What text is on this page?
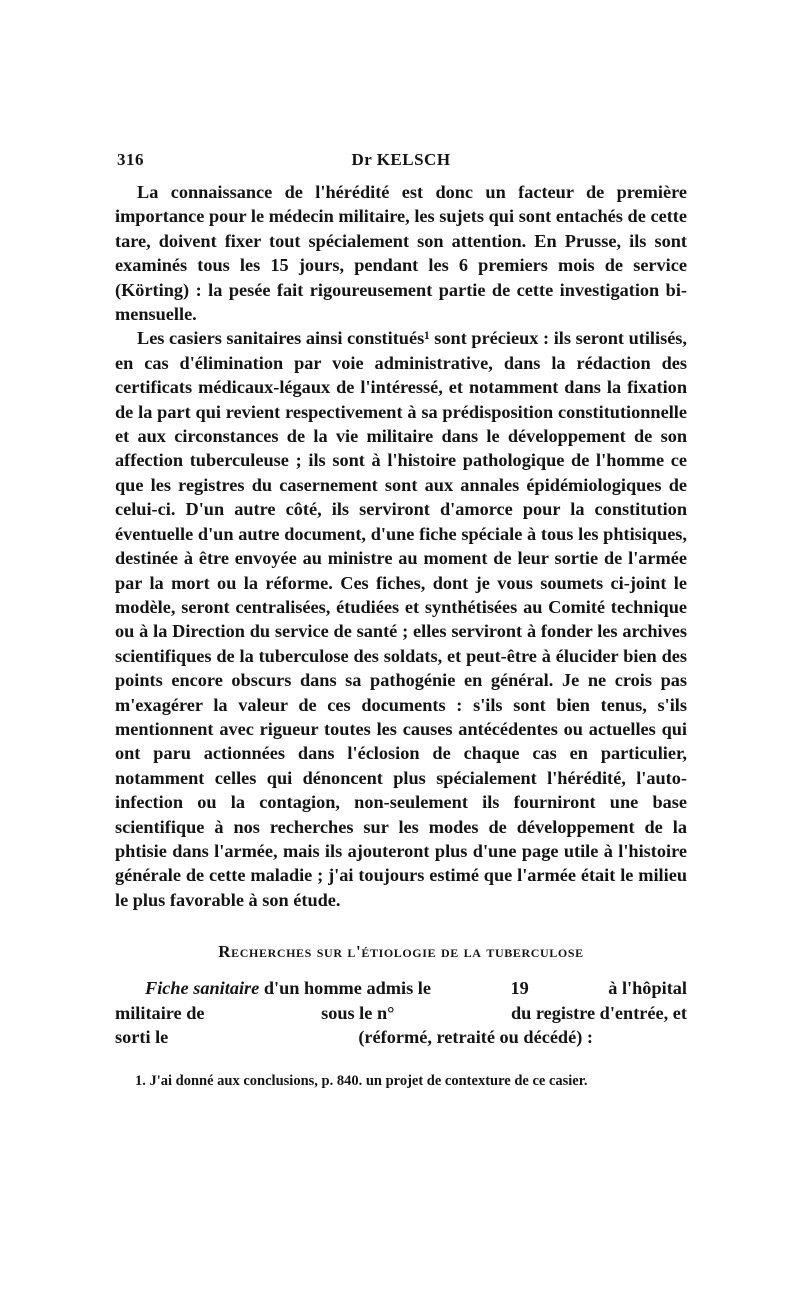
316	Dr KELSCH

La connaissance de l'hérédité est donc un facteur de première importance pour le médecin militaire, les sujets qui sont entachés de cette tare, doivent fixer tout spécialement son attention. En Prusse, ils sont examinés tous les 15 jours, pendant les 6 premiers mois de service (Körting) : la pesée fait rigoureusement partie de cette investigation bi-mensuelle.

Les casiers sanitaires ainsi constitués¹ sont précieux : ils seront utilisés, en cas d'élimination par voie administrative, dans la rédaction des certificats médicaux-légaux de l'intéressé, et notamment dans la fixation de la part qui revient respectivement à sa prédisposition constitutionnelle et aux circonstances de la vie militaire dans le développement de son affection tuberculeuse ; ils sont à l'histoire pathologique de l'homme ce que les registres du casernement sont aux annales épidémiologiques de celui-ci. D'un autre côté, ils serviront d'amorce pour la constitution éventuelle d'un autre document, d'une fiche spéciale à tous les phtisiques, destinée à être envoyée au ministre au moment de leur sortie de l'armée par la mort ou la réforme. Ces fiches, dont je vous soumets ci-joint le modèle, seront centralisées, étudiées et synthétisées au Comité technique ou à la Direction du service de santé ; elles serviront à fonder les archives scientifiques de la tuberculose des soldats, et peut-être à élucider bien des points encore obscurs dans sa pathogénie en général. Je ne crois pas m'exagérer la valeur de ces documents : s'ils sont bien tenus, s'ils mentionnent avec rigueur toutes les causes antécédentes ou actuelles qui ont paru actionnées dans l'éclosion de chaque cas en particulier, notamment celles qui dénoncent plus spécialement l'hérédité, l'auto-infection ou la contagion, non-seulement ils fourniront une base scientifique à nos recherches sur les modes de développement de la phtisie dans l'armée, mais ils ajouteront plus d'une page utile à l'histoire générale de cette maladie ; j'ai toujours estimé que l'armée était le milieu le plus favorable à son étude.

Recherches sur l'étiologie de la tuberculose
Fiche sanitaire d'un homme admis le	19	à l'hôpital
militaire de	sous le n°	du registre d'entrée, et
sorti le	(réformé, retraité ou décédé) :
1. J'ai donné aux conclusions, p. 840. un projet de contexture de ce casier.
